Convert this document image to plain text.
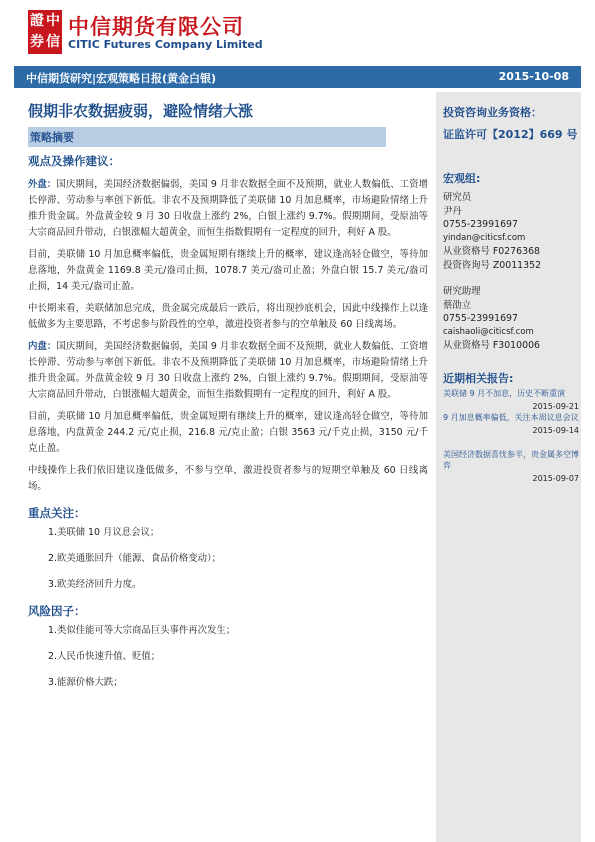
證 中
券 信
中信期货有限公司
CITIC Futures Company Limited
中信期货研究|宏观策略日报(黄金白银)	2015-10-08
假期非农数据疲弱，避险情绪大涨
策略摘要
观点及操作建议：

外盘：国庆期间，美国经济数据偏弱，美国 9 月非农数据全面不及预期，就业人数偏低、工资增长停滞、劳动参与率创下新低。非农不及预期降低了美联储 10 月加息概率，市场避险情绪上升推升贵金属。外盘黄金较 9 月 30 日收盘上涨约 2%，白银上涨约 9.7%。假期期间，受原油等大宗商品回升带动，白银涨幅大超黄金，而恒生指数假期有一定程度的回升，利好 A 股。

目前，美联储 10 月加息概率偏低，贵金属短期有继续上升的概率，建议逢高轻仓做空，等待加息落地，外盘黄金 1169.8 美元/盎司止损，1078.7 美元/盎司止盈；外盘白银 15.7 美元/盎司止损，14 美元/盎司止盈。

中长期来看，美联储加息完成，贵金属完成最后一跌后，将出现抄底机会，因此中线操作上以逢低做多为主要思路，不考虑参与阶段性的空单，激进投资者参与的空单触及 60 日线离场。

内盘：国庆期间，美国经济数据偏弱，美国 9 月非农数据全面不及预期，就业人数偏低、工资增长停滞、劳动参与率创下新低。非农不及预期降低了美联储 10 月加息概率，市场避险情绪上升推升贵金属。外盘黄金较 9 月 30 日收盘上涨约 2%，白银上涨约 9.7%。假期期间，受原油等大宗商品回升带动，白银涨幅大超黄金，而恒生指数假期有一定程度的回升，利好 A 股。

目前，美联储 10 月加息概率偏低，贵金属短期有继续上升的概率，建议逢高轻仓做空，等待加息落地，内盘黄金 244.2 元/克止损，216.8 元/克止盈；白银 3563 元/千克止损，3150 元/千克止盈。

中线操作上我们依旧建议逢低做多，不参与空单，激进投资者参与的短期空单触及 60 日线离场。

重点关注：
1.美联储 10 月议息会议；
2.欧美通胀回升（能源、食品价格变动）；
3.欧美经济回升力度。
风险因子：
1.类似佳能可等大宗商品巨头事件再次发生；
2.人民币快速升值、贬值；
3.能源价格大跌；
投资咨询业务资格：
证监许可【2012】669 号
宏观组:
研究员
尹丹
0755-23991697
yindan@citicsf.com
从业资格号 F0276368
投资咨询号 Z0011352
研究助理
蔡劭立
0755-23991697
caishaoli@citicsf.com
从业资格号 F3010006
近期相关报告:
美联储 9 月不加息，历史不断重演
2015-09-21
9 月加息概率偏低，关注本周议息会议
2015-09-14
美国经济数据喜忧参半，贵金属多空博弈
2015-09-07
